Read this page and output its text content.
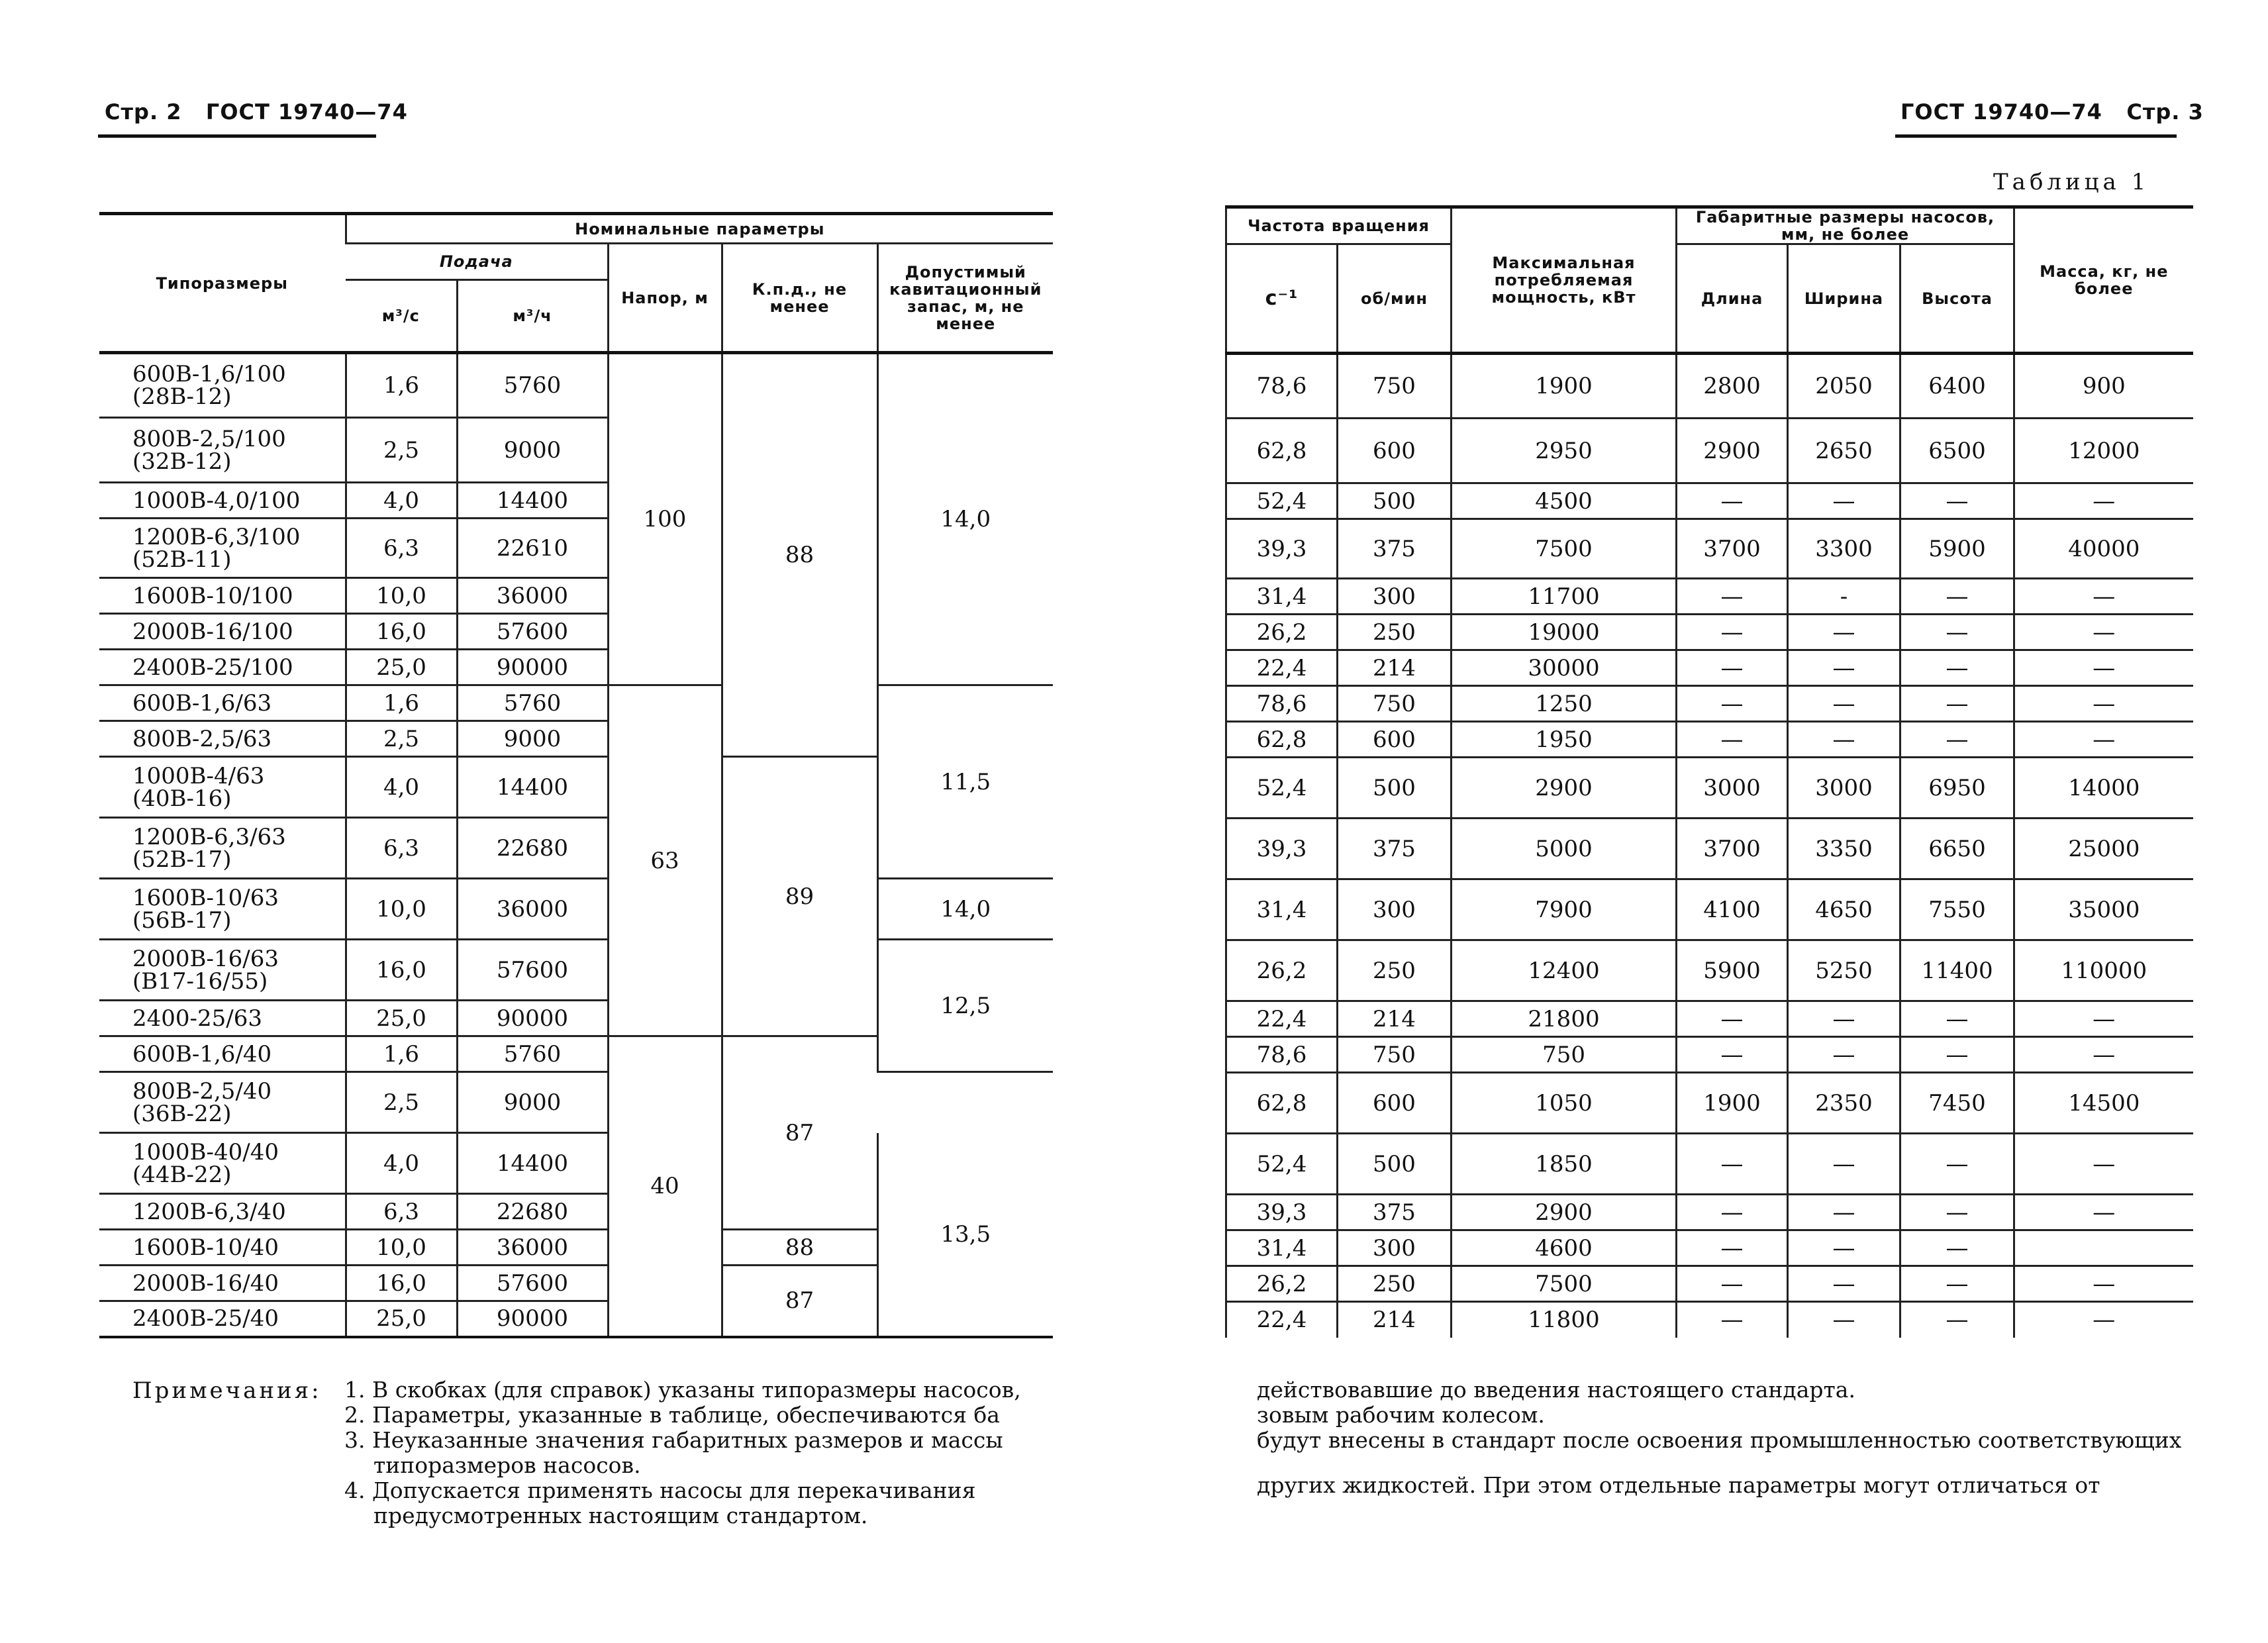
Стр. 2 ГОСТ 19740—74	ГОСТ 19740—74 Стр. 3
Таблица 1
Типоразмеры	Номинальные параметры				
	Подача		Напор, м	К.п.д., не менее	Допустимый кавитационный запас, м, не менее
	м³/с	м³/ч			
600В-1,6/100 (28В-12)	1,6	5760	100	88	14,0
800В-2,5/100 (32В-12)	2,5	9000			
1000В-4,0/100	4,0	14400			
1200В-6,3/100 (52В-11)	6,3	22610			
1600В-10/100	10,0	36000			
2000В-16/100	16,0	57600			
2400В-25/100	25,0	90000			
600В-1,6/63	1,6	5760	63		11,5
800В-2,5/63	2,5	9000			
1000В-4/63 (40В-16)	4,0	14400		89	
1200В-6,3/63 (52В-17)	6,3	22680			
1600В-10/63 (56В-17)	10,0	36000			14,0
2000В-16/63 (В17-16/55)	16,0	57600			12,5
2400-25/63	25,0	90000			
600В-1,6/40	1,6	5760	40	87	
800В-2,5/40 (36В-22)	2,5	9000			
1000В-40/40 (44В-22)	4,0	14400			13,5
1200В-6,3/40	6,3	22680			
1600В-10/40	10,0	36000		88	
2000В-16/40	16,0	57600		87	
2400В-25/40	25,0	90000			
Частота вращения		Максимальная потребляемая мощность, кВт	Габаритные размеры насосов, мм, не более			Масса, кг, не более
с⁻¹	об/мин		Длина	Ширина	Высота	
78,6	750	1900	2800	2050	6400	900
62,8	600	2950	2900	2650	6500	12000
52,4	500	4500	—	—	—	—
39,3	375	7500	3700	3300	5900	40000
31,4	300	11700	—	-	—	—
26,2	250	19000	—	—	—	—
22,4	214	30000	—	—	—	—
78,6	750	1250	—	—	—	—
62,8	600	1950	—	—	—	—
52,4	500	2900	3000	3000	6950	14000
39,3	375	5000	3700	3350	6650	25000
31,4	300	7900	4100	4650	7550	35000
26,2	250	12400	5900	5250	11400	110000
22,4	214	21800	—	—	—	—
78,6	750	750	—	—	—	—
62,8	600	1050	1900	2350	7450	14500
52,4	500	1850	—	—	—	—
39,3	375	2900	—	—	—	—
31,4	300	4600	—	—	—	
26,2	250	7500	—	—	—	—
22,4	214	11800	—	—	—	—
Примечания: 1. В скобках (для справок) указаны типоразмеры насосов,

2. Параметры, указанные в таблице, обеспечиваются ба

3. Неуказанные значения габаритных размеров и массы типоразмеров насосов.

4. Допускается применять насосы для перекачивания предусмотренных настоящим стандартом.

действовавшие до введения настоящего стандарта.

зовым рабочим колесом.

будут внесены в стандарт после освоения промышленностью соответствующих

других жидкостей. При этом отдельные параметры могут отличаться от
